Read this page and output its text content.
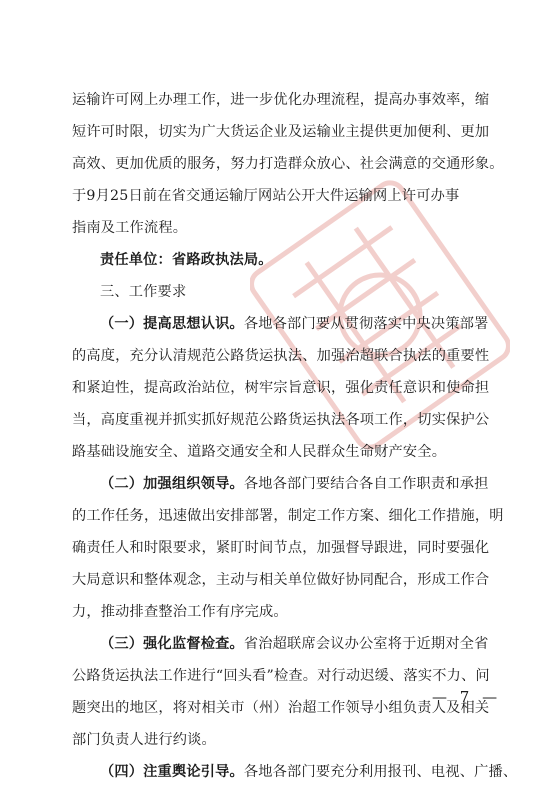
运输许可网上办理工作，进一步优化办理流程，提高办事效率，缩
短许可时限，切实为广大货运企业及运输业主提供更加便利、更加
高效、更加优质的服务，努力打造群众放心、社会满意的交通形象。
于9月25日前在省交通运输厅网站公开大件运输网上许可办事
指南及工作流程。
责任单位：省路政执法局。
三、工作要求
（一）提高思想认识。各地各部门要从贯彻落实中央决策部署
的高度，充分认清规范公路货运执法、加强治超联合执法的重要性
和紧迫性，提高政治站位，树牢宗旨意识，强化责任意识和使命担
当，高度重视并抓实抓好规范公路货运执法各项工作，切实保护公
路基础设施安全、道路交通安全和人民群众生命财产安全。
（二）加强组织领导。各地各部门要结合各自工作职责和承担
的工作任务，迅速做出安排部署，制定工作方案、细化工作措施，明
确责任人和时限要求，紧盯时间节点，加强督导跟进，同时要强化
大局意识和整体观念，主动与相关单位做好协同配合，形成工作合
力，推动排查整治工作有序完成。
（三）强化监督检查。省治超联席会议办公室将于近期对全省
公路货运执法工作进行“回头看”检查。对行动迟缓、落实不力、问
题突出的地区，将对相关市（州）治超工作领导小组负责人及相关
部门负责人进行约谈。
（四）注重舆论引导。各地各部门要充分利用报刊、电视、广播、
— 7 —
